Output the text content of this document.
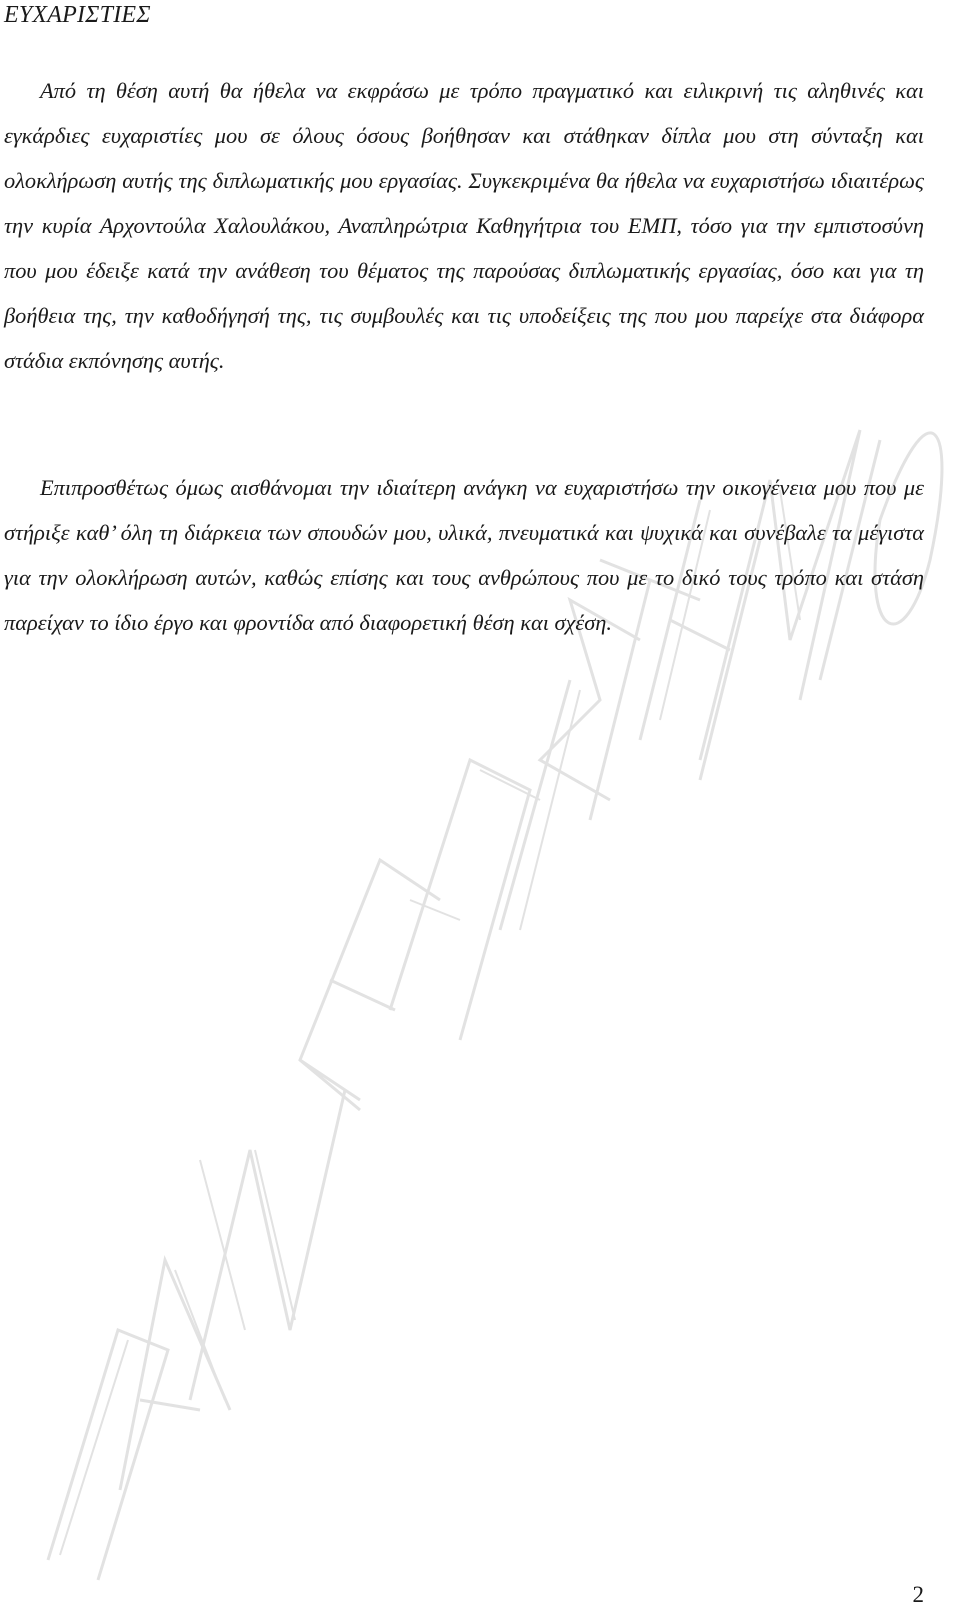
ΕΥΧΑΡΙΣΤΙΕΣ

Από τη θέση αυτή θα ήθελα να εκφράσω με τρόπο πραγματικό και ειλικρινή τις αληθινές και εγκάρδιες ευχαριστίες μου σε όλους όσους βοήθησαν και στάθηκαν δίπλα μου στη σύνταξη και ολοκλήρωση αυτής της διπλωματικής μου εργασίας. Συγκεκριμένα θα ήθελα να ευχαριστήσω ιδιαιτέρως την κυρία Αρχοντούλα Χαλουλάκου, Αναπληρώτρια Καθηγήτρια του ΕΜΠ, τόσο για την εμπιστοσύνη που μου έδειξε κατά την ανάθεση του θέματος της παρούσας διπλωματικής εργασίας, όσο και για τη βοήθεια της, την καθοδήγησή της, τις συμβουλές και τις υποδείξεις της που μου παρείχε στα διάφορα στάδια εκπόνησης αυτής.

Επιπροσθέτως όμως αισθάνομαι την ιδιαίτερη ανάγκη να ευχαριστήσω την οικογένεια μου που με στήριξε καθ’ όλη τη διάρκεια των σπουδών μου, υλικά, πνευματικά και ψυχικά και συνέβαλε τα μέγιστα για την ολοκλήρωση αυτών, καθώς επίσης και τους ανθρώπους που με το δικό τους τρόπο και στάση παρείχαν το ίδιο έργο και φροντίδα από διαφορετική θέση και σχέση.

2
